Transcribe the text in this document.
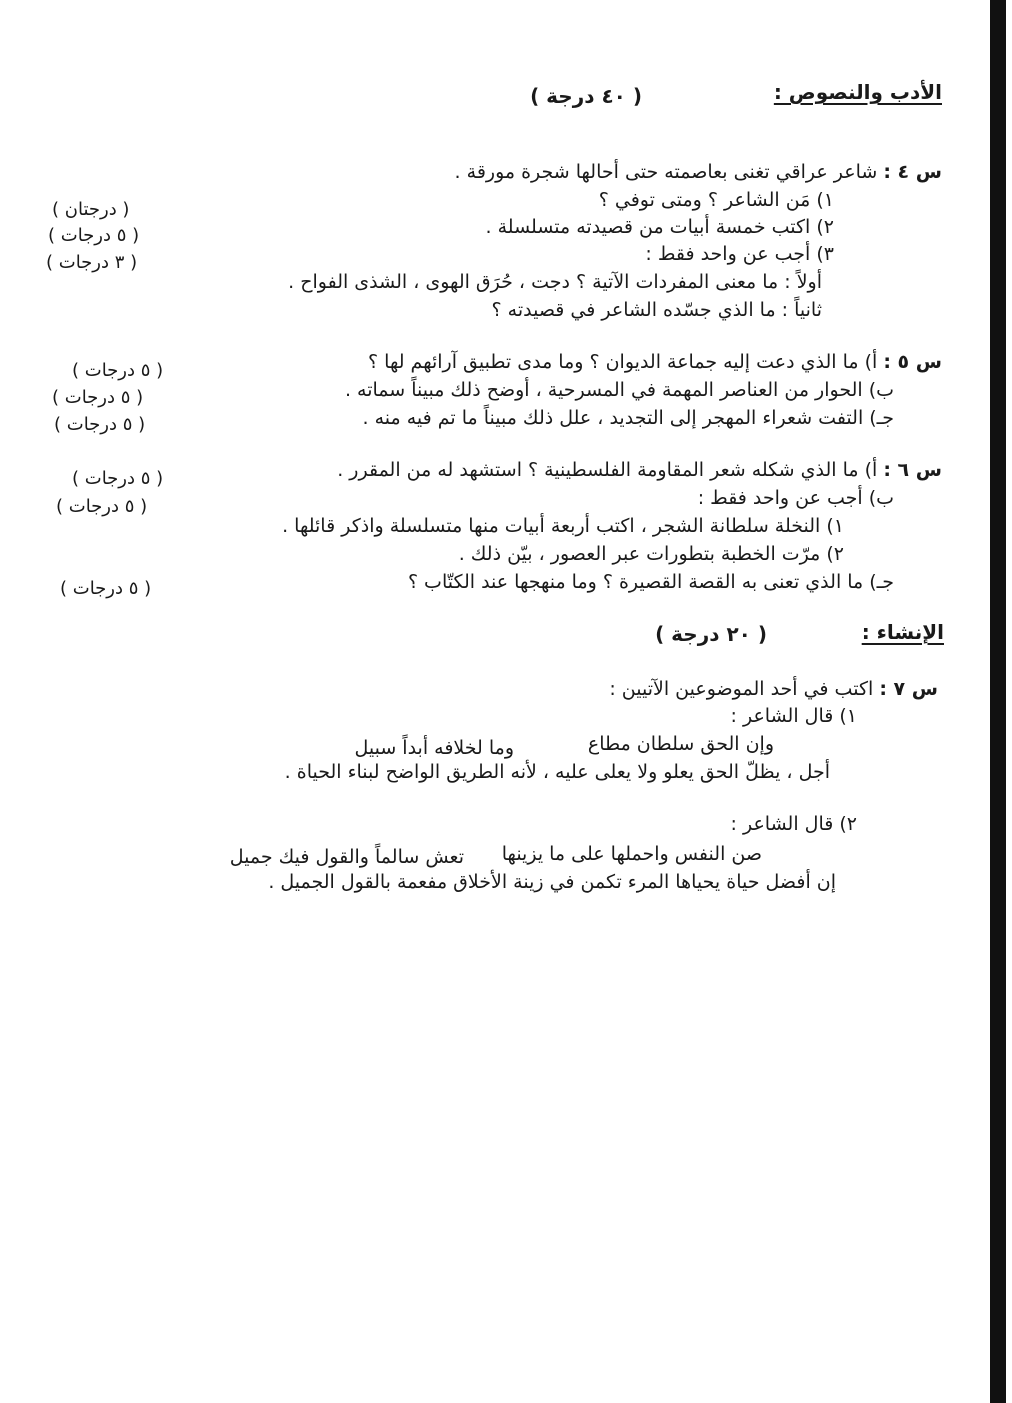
الأدب والنصوص :
( ٤٠ درجة )
س ٤ : شاعر عراقي تغنى بعاصمته حتى أحالها شجرة مورقة .
١) مَن الشاعر ؟ ومتى توفي ؟
٢) اكتب خمسة أبيات من قصيدته متسلسلة .
٣) أجب عن واحد فقط :
أولاً : ما معنى المفردات الآتية ؟ دجت ، حُرَق الهوى ، الشذى الفواح .
ثانياً : ما الذي جسّده الشاعر في قصيدته ؟
( درجتان )
( ٥ درجات )
( ٣ درجات )
س ٥ : أ) ما الذي دعت إليه جماعة الديوان ؟ وما مدى تطبيق آرائهم لها ؟
ب) الحوار من العناصر المهمة في المسرحية ، أوضح ذلك مبيناً سماته .
جـ) التفت شعراء المهجر إلى التجديد ، علل ذلك مبيناً ما تم فيه منه .
( ٥ درجات )
( ٥ درجات )
( ٥ درجات )
س ٦ : أ) ما الذي شكله شعر المقاومة الفلسطينية ؟ استشهد له من المقرر .
ب) أجب عن واحد فقط :
١) النخلة سلطانة الشجر ، اكتب أربعة أبيات منها متسلسلة واذكر قائلها .
٢) مرّت الخطبة بتطورات عبر العصور ، بيّن ذلك .
جـ) ما الذي تعنى به القصة القصيرة ؟ وما منهجها عند الكتّاب ؟
( ٥ درجات )
( ٥ درجات )
( ٥ درجات )
الإنشاء :
( ٢٠ درجة )
س ٧ : اكتب في أحد الموضوعين الآتيين :
١) قال الشاعر :
وإن الحق سلطان مطاع
وما لخلافه أبداً سبيل
أجل ، يظلّ الحق يعلو ولا يعلى عليه ، لأنه الطريق الواضح لبناء الحياة .
٢) قال الشاعر :
صن النفس واحملها على ما يزينها
تعش سالماً والقول فيك جميل
إن أفضل حياة يحياها المرء تكمن في زينة الأخلاق مفعمة بالقول الجميل .
